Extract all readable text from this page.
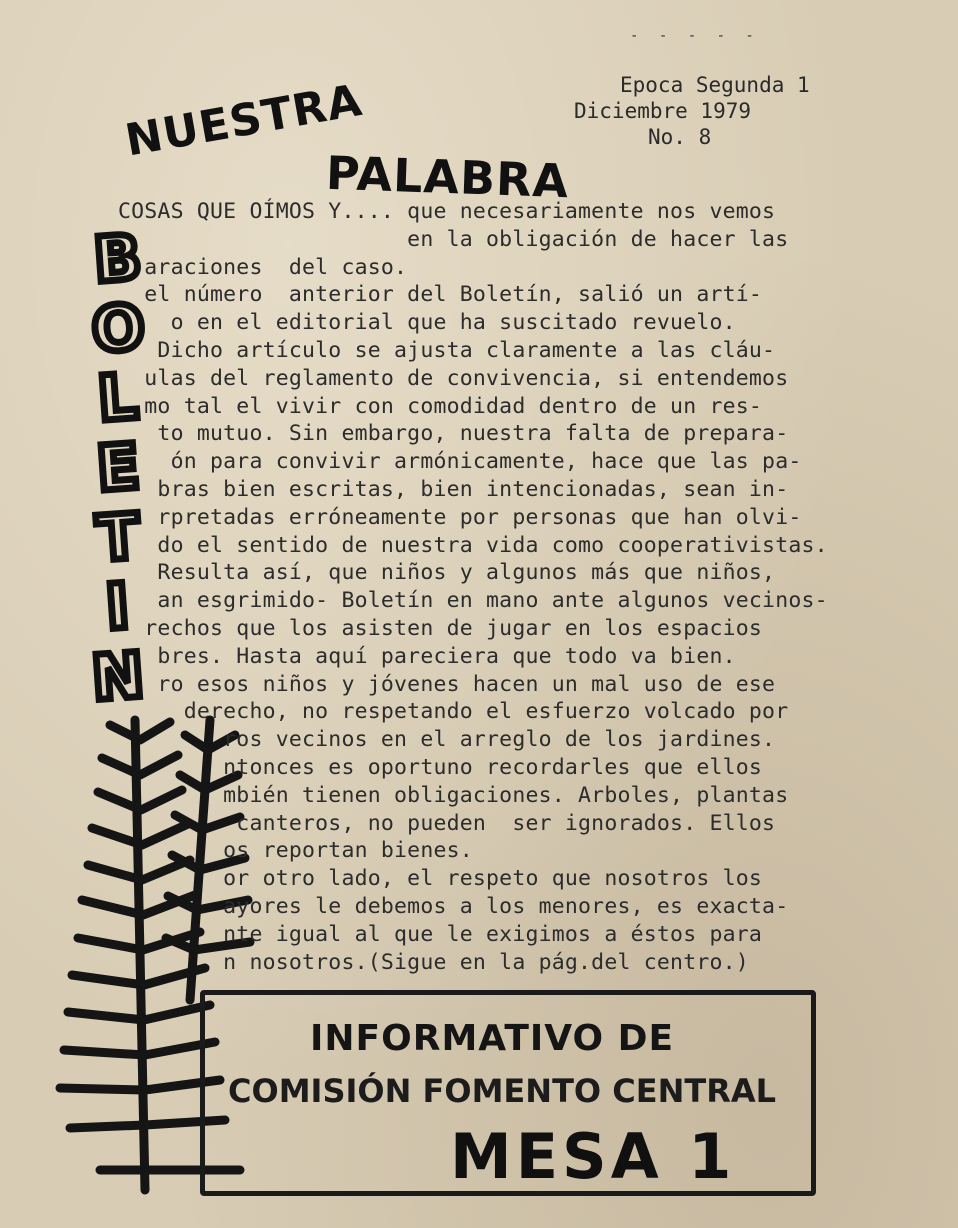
- - - - -
Epoca Segunda 1
Diciembre 1979
No. 8
NUESTRA
PALABRA
B
O
L
E
T
I
N
COSAS QUE OÍMOS Y.... que necesariamente nos vemos
en la obligación de hacer las
araciones  del caso.
el número  anterior del Boletín, salió un artí-
o en el editorial que ha suscitado revuelo.
Dicho artículo se ajusta claramente a las cláu-
ulas del reglamento de convivencia, si entendemos
mo tal el vivir con comodidad dentro de un res-
to mutuo. Sin embargo, nuestra falta de prepara-
ón para convivir armónicamente, hace que las pa-
bras bien escritas, bien intencionadas, sean in-
rpretadas erróneamente por personas que han olvi-
do el sentido de nuestra vida como cooperativistas.
Resulta así, que niños y algunos más que niños,
an esgrimido- Boletín en mano ante algunos vecinos-
rechos que los asisten de jugar en los espacios
bres. Hasta aquí pareciera que todo va bien.
ro esos niños y jóvenes hacen un mal uso de ese
derecho, no respetando el esfuerzo volcado por
ros vecinos en el arreglo de los jardines.
ntonces es oportuno recordarles que ellos
mbién tienen obligaciones. Arboles, plantas
canteros, no pueden  ser ignorados. Ellos
os reportan bienes.
or otro lado, el respeto que nosotros los
ayores le debemos a los menores, es exacta-
nte igual al que le exigimos a éstos para
n nosotros.(Sigue en la pág.del centro.)
INFORMATIVO DE
COMISIÓN FOMENTO CENTRAL
MESA 1
